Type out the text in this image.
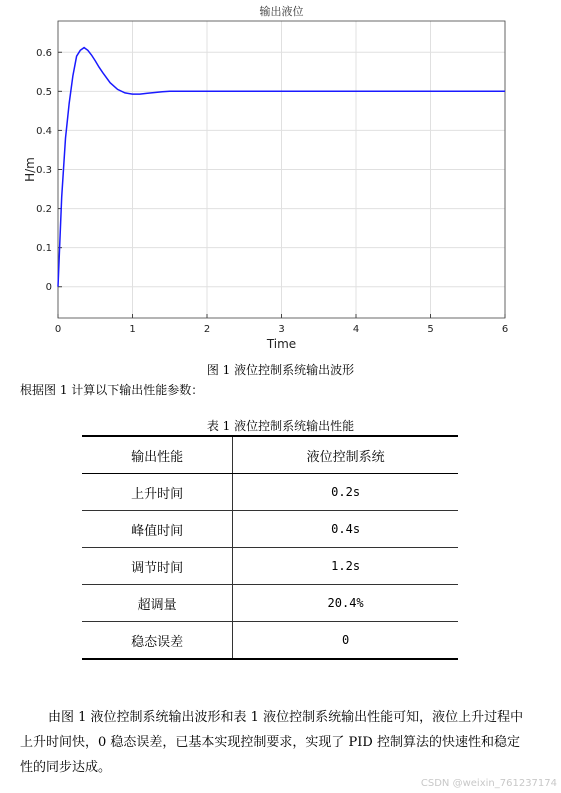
0	1	2	3	4	5	6
0
0.1
0.2
0.3
0.4
0.5
0.6
输出液位
Time
H/m
图 1 液位控制系统输出波形
根据图 1 计算以下输出性能参数：
表 1 液位控制系统输出性能
输出性能	液位控制系统
上升时间	0.2s
峰值时间	0.4s
调节时间	1.2s
超调量	20.4%
稳态误差	0
由图 1 液位控制系统输出波形和表 1 液位控制系统输出性能可知，液位上升过程中上升时间快，0 稳态误差，已基本实现控制要求，实现了 PID 控制算法的快速性和稳定性的同步达成。
CSDN @weixin_761237174
